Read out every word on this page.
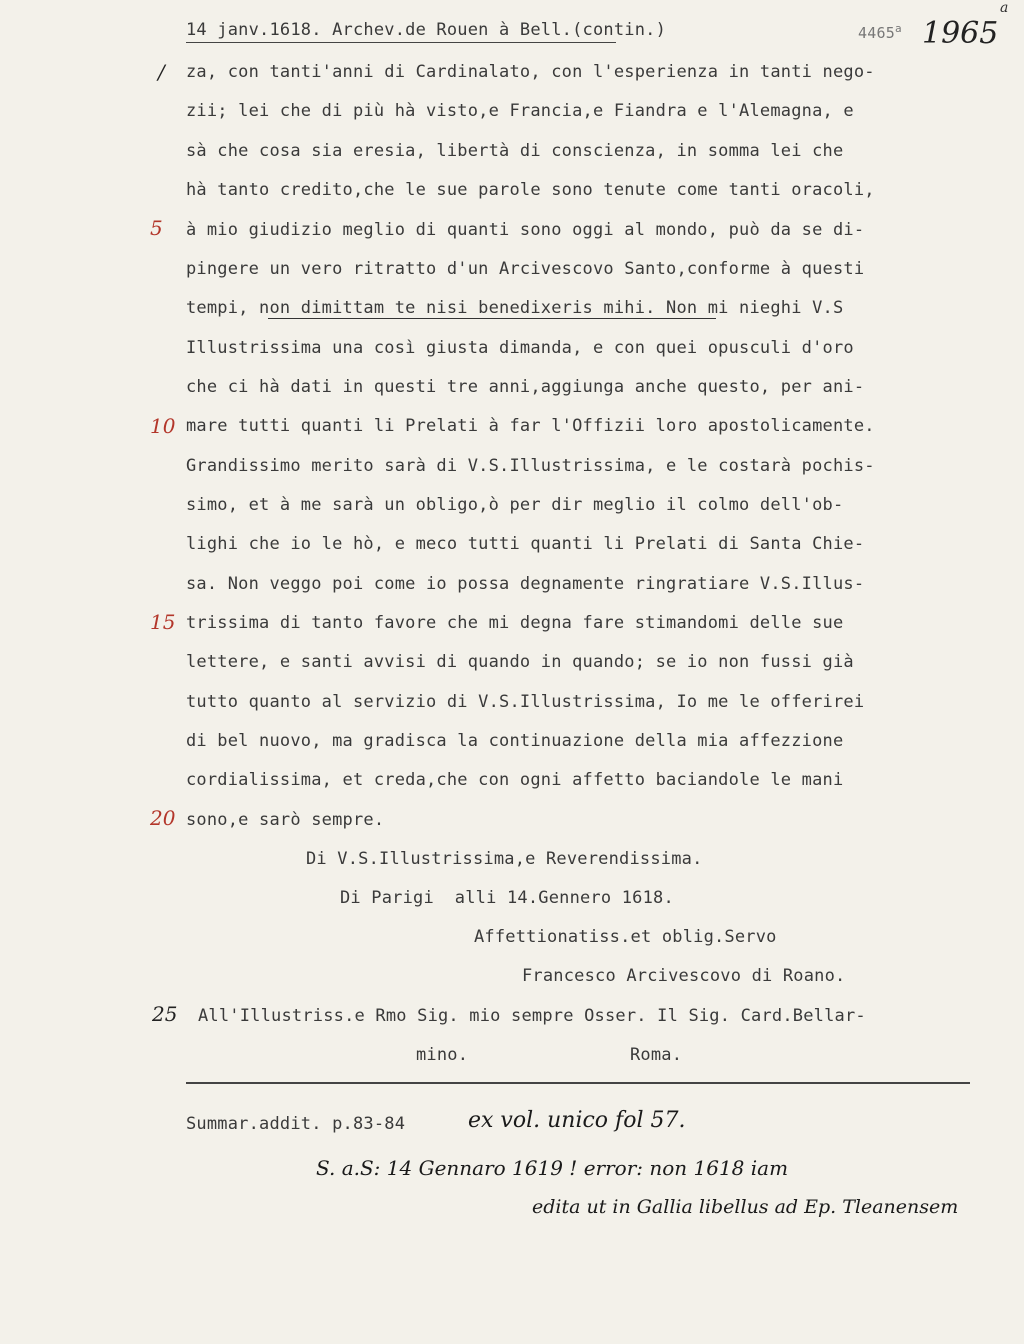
14 janv.1618. Archev.de Rouen à Bell.(contin.)	4465$^a$ 1965
a
/
5
10
15
20
25
za, con tanti'anni di Cardinalato, con l'esperienza in tanti nego-
zii; lei che di più hà visto,e Francia,e Fiandra e l'Alemagna, e
sà che cosa sia eresia, libertà di conscienza, in somma lei che
hà tanto credito,che le sue parole sono tenute come tanti oracoli,
à mio giudizio meglio di quanti sono oggi al mondo, può da se di-
pingere un vero ritratto d'un Arcivescovo Santo,conforme à questi
tempi, non dimittam te nisi benedixeris mihi. Non mi nieghi V.S
Illustrissima una così giusta dimanda, e con quei opusculi d'oro
che ci hà dati in questi tre anni,aggiunga anche questo, per ani-
mare tutti quanti li Prelati à far l'Offizii loro apostolicamente.
Grandissimo merito sarà di V.S.Illustrissima, e le costarà pochis-
simo, et à me sarà un obligo,ò per dir meglio il colmo dell'ob-
lighi che io le hò, e meco tutti quanti li Prelati di Santa Chie-
sa. Non veggo poi come io possa degnamente ringratiare V.S.Illus-
trissima di tanto favore che mi degna fare stimandomi delle sue
lettere, e santi avvisi di quando in quando; se io non fussi già
tutto quanto al servizio di V.S.Illustrissima, Io me le offerirei
di bel nuovo, ma gradisca la continuazione della mia affezzione
cordialissima, et creda,che con ogni affetto baciandole le mani
sono,e sarò sempre.
Di V.S.Illustrissima,e Reverendissima.
Di Parigi  alli 14.Gennero 1618.
Affettionatiss.et oblig.Servo
Francesco Arcivescovo di Roano.
All'Illustriss.e Rmo Sig. mio sempre Osser. Il Sig. Card.Bellar-
mino.	Roma.
Summar.addit. p.83-84	ex vol. unico fol 57.
S. a.S: 14 Gennaro 1619 ! error: non 1618 iam
edita ut in Gallia libellus ad Ep. Tleanensem
